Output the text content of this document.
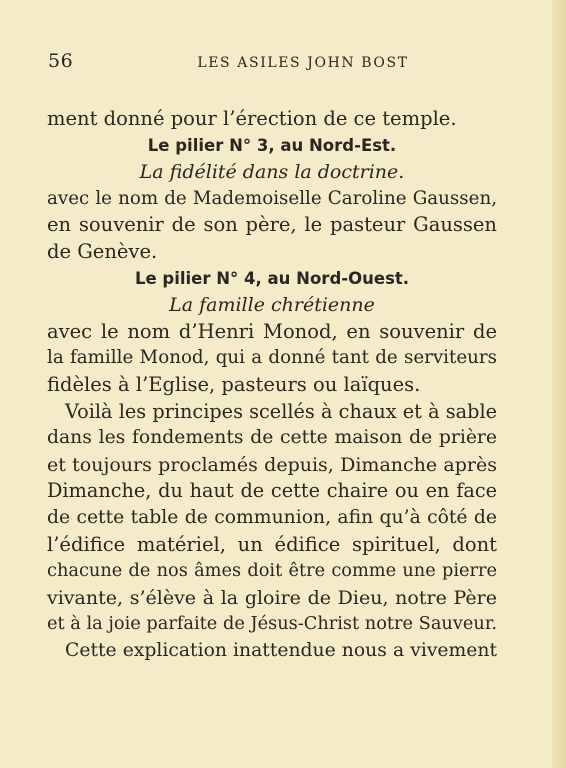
56	LES ASILES JOHN BOST
ment donné pour l’érection de ce temple.
Le pilier N° 3, au Nord-Est.
La fidélité dans la doctrine.
avec le nom de Mademoiselle Caroline Gaussen,
en souvenir de son père, le pasteur Gaussen
de Genève.
Le pilier N° 4, au Nord-Ouest.
La famille chrétienne
avec le nom d’Henri Monod, en souvenir de
la famille Monod, qui a donné tant de serviteurs
fidèles à l’Eglise, pasteurs ou laïques.
Voilà les principes scellés à chaux et à sable
dans les fondements de cette maison de prière
et toujours proclamés depuis, Dimanche après
Dimanche, du haut de cette chaire ou en face
de cette table de communion, afin qu’à côté de
l’édifice matériel, un édifice spirituel, dont
chacune de nos âmes doit être comme une pierre
vivante, s’élève à la gloire de Dieu, notre Père
et à la joie parfaite de Jésus-Christ notre Sauveur.
Cette explication inattendue nous a vivement
